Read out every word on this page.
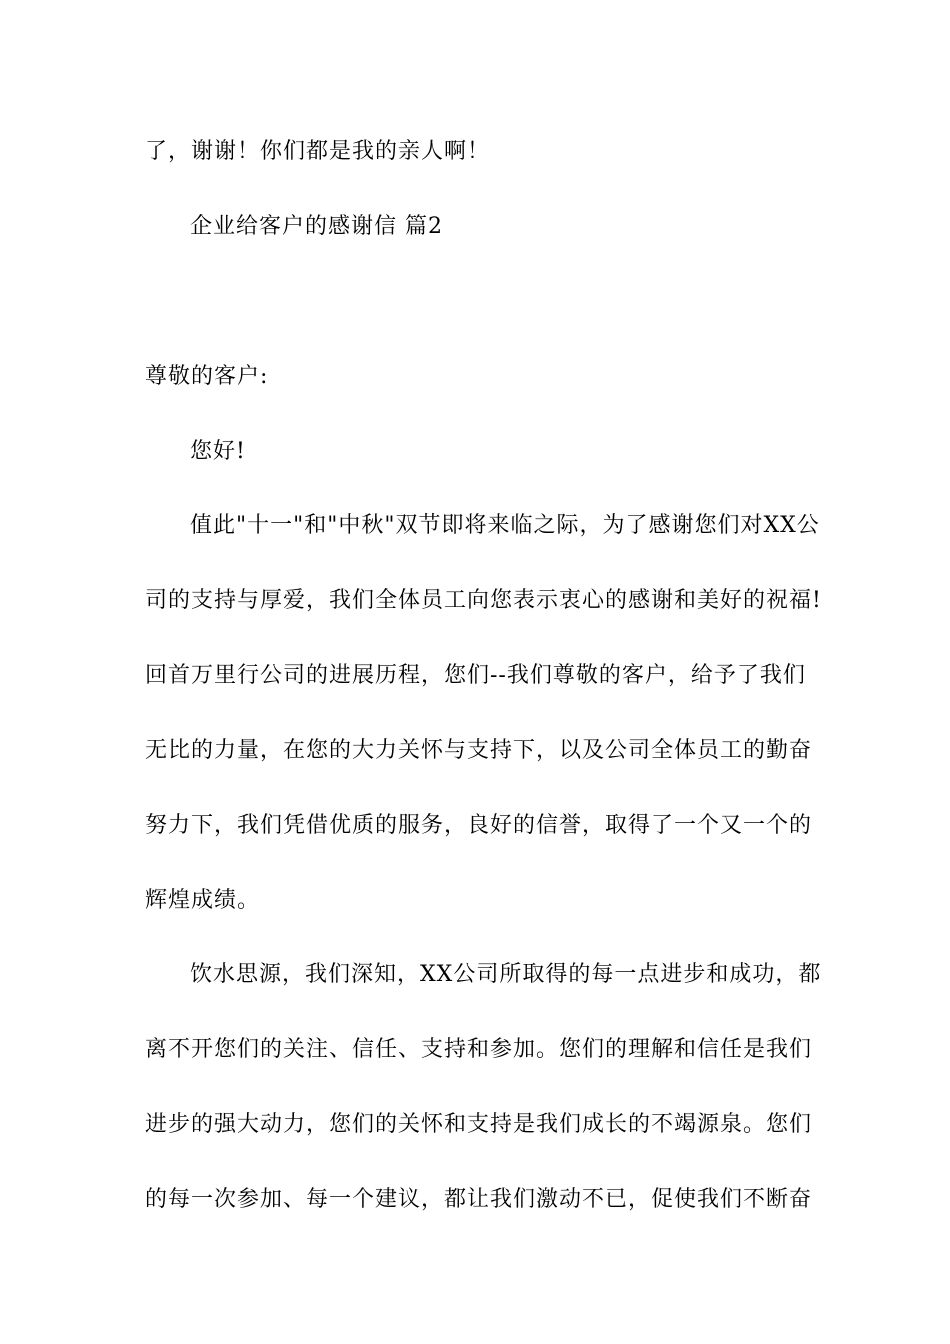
了，谢谢！你们都是我的亲人啊！
企业给客户的感谢信 篇2
尊敬的客户:
您好!
值此"十一"和"中秋"双节即将来临之际，为了感谢您们对XX公
司的支持与厚爱，我们全体员工向您表示衷心的感谢和美好的祝福!
回首万里行公司的进展历程，您们--我们尊敬的客户，给予了我们
无比的力量，在您的大力关怀与支持下，以及公司全体员工的勤奋
努力下，我们凭借优质的服务，良好的信誉，取得了一个又一个的
辉煌成绩。
饮水思源，我们深知，XX公司所取得的每一点进步和成功，都
离不开您们的关注、信任、支持和参加。您们的理解和信任是我们
进步的强大动力，您们的关怀和支持是我们成长的不竭源泉。您们
的每一次参加、每一个建议，都让我们激动不已，促使我们不断奋
